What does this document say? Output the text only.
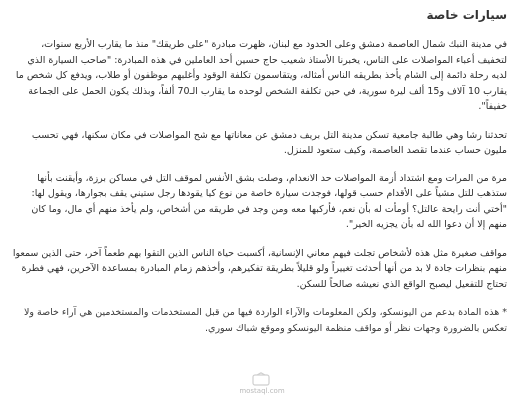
سيارات خاصة

في مدينة النبك شمال العاصمة دمشق وعلى الحدود مع لبنان، ظهرت مبادرة "على طريقك" منذ ما يقارب الأربع سنوات، لتخفيف أعباء المواصلات على الناس، يخبرنا الأستاذ شعيب حاج حسين أحد العاملين في هذه المبادرة: "صاحب السيارة الذي لديه رحلة دائمة إلى الشام يأخذ بطريقه الناس أمثاله، ويتقاسمون تكلفة الوقود وأغلبهم موظفون أو طلاب، ويدفع كل شخص ما يقارب 10 آلاف و15 ألف ليرة سورية، في حين تكلفة الشخص لوحده ما يقارب الـ70 ألفاً، وبذلك يكون الحمل على الجماعة خفيفاً".

تحدثنا رشا وهي طالبة جامعية تسكن مدينة التل بريف دمشق عن معاناتها مع شح المواصلات في مكان سكنها، فهي تحسب مليون حساب عندما تقصد العاصمة، وكيف ستعود للمنزل.

مرة من المرات ومع اشتداد أزمة المواصلات حد الانعدام، وصلت بشق الأنفس لموقف التل في مساكن برزة، وأيقنت بأنها ستذهب للتل مشياً على الأقدام حسب قولها، فوجدت سيارة خاصة من نوع كيا يقودها رجل ستيني يقف بجوارها، ويقول لها: "أختي أنت رايحة عالتل؟ أومأت له بأن نعم، فأركبها معه ومن وجد في طريقه من أشخاص، ولم يأخذ منهم أي مال، وما كان منهم إلا أن دعوا الله له بأن يجزيه الخير".

مواقف صغيرة مثل هذه لأشخاص تجلت فيهم معاني الإنسانية، أكسبت حياة الناس الذين التقوا بهم طعماً آخر، حتى الذين سمعوا منهم بنظرات جادة لا بد من أنها أحدثت تغييراً ولو قليلاً بطريقة تفكيرهم، وأخذهم زمام المبادرة بمساعدة الآخرين، فهي فطرة تحتاج للتفعيل ليصبح الواقع الذي نعيشه صالحاً للسكن.

* هذه المادة بدعم من اليونسكو، ولكن المعلومات والآراء الواردة فيها من قبل المستخدمات والمستخدمين هي آراء خاصة ولا تعكس بالضرورة وجهات نظر أو مواقف منظمة اليونسكو وموقع شباك سوري.

mostaql.com
